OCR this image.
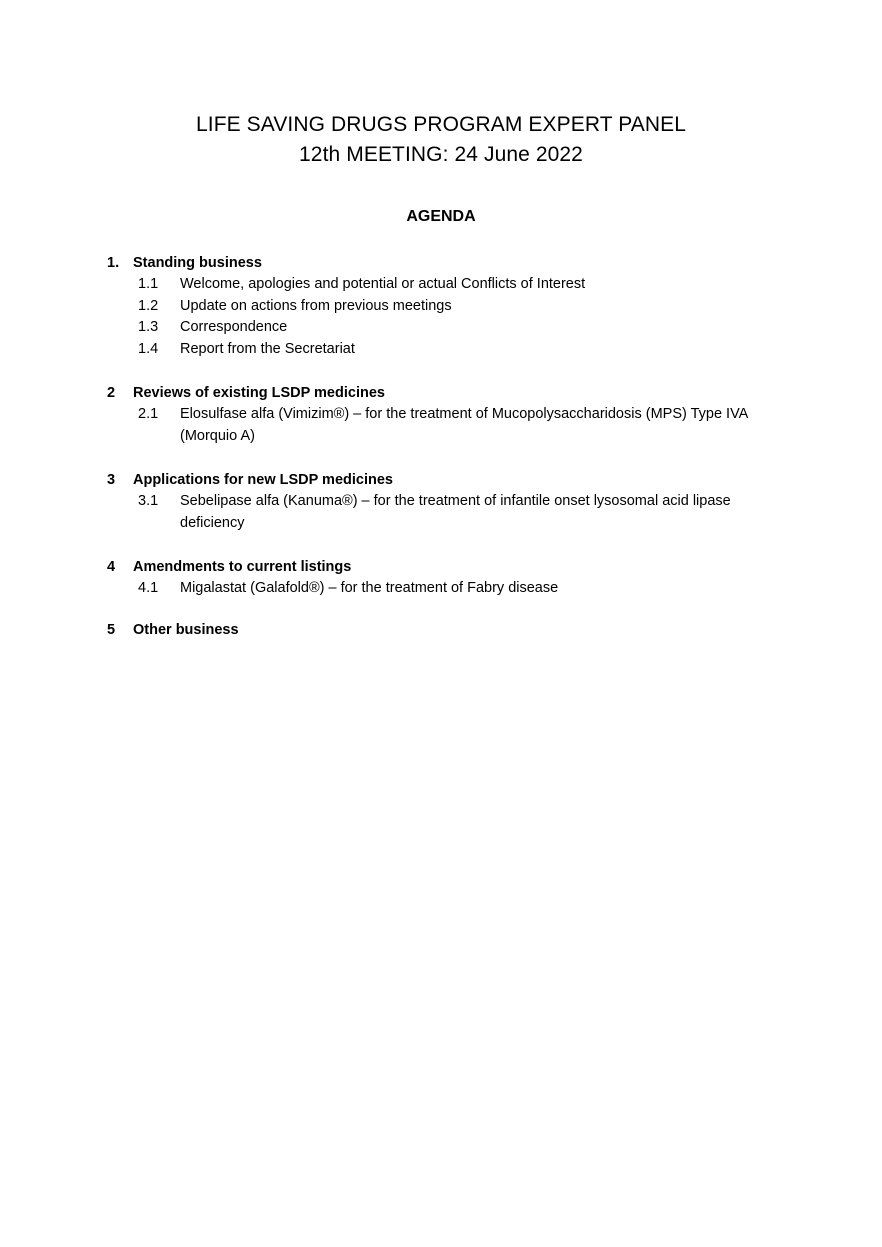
LIFE SAVING DRUGS PROGRAM EXPERT PANEL
12th MEETING: 24 June 2022
AGENDA
1. Standing business
1.1 Welcome, apologies and potential or actual Conflicts of Interest
1.2 Update on actions from previous meetings
1.3 Correspondence
1.4 Report from the Secretariat
2 Reviews of existing LSDP medicines
2.1 Elosulfase alfa (Vimizim®) – for the treatment of Mucopolysaccharidosis (MPS) Type IVA (Morquio A)
3 Applications for new LSDP medicines
3.1 Sebelipase alfa (Kanuma®) – for the treatment of infantile onset lysosomal acid lipase deficiency
4 Amendments to current listings
4.1 Migalastat (Galafold®) – for the treatment of Fabry disease
5 Other business
